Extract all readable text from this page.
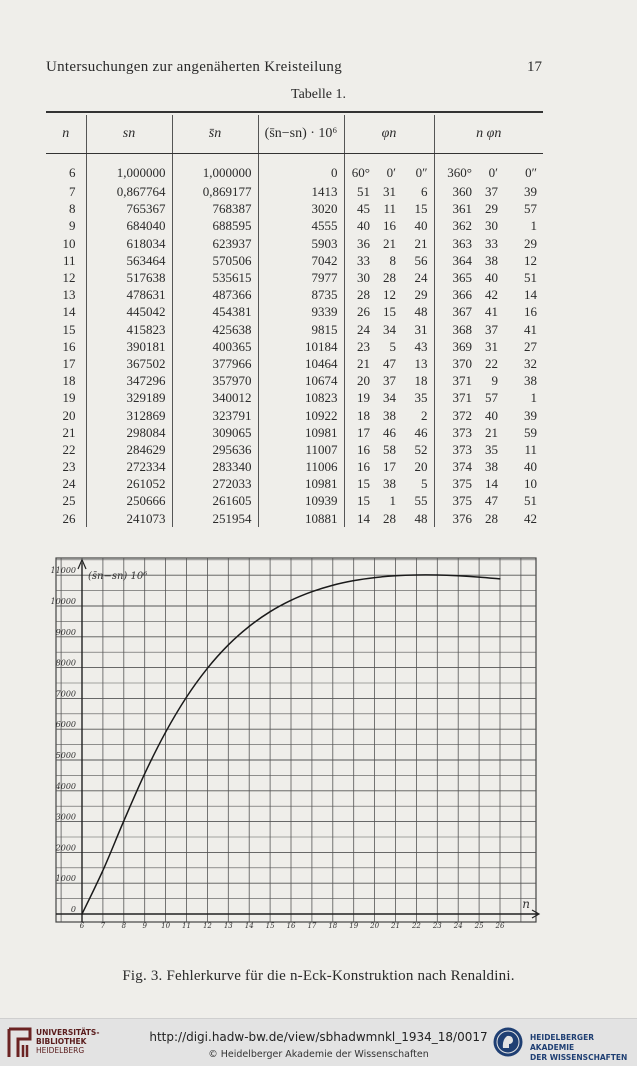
Untersuchungen zur angenäherten Kreisteilung	17
Tabelle 1.
n	sn	s̄n	(s̄n−sn) · 10⁶	φn			n φn		
6	1,000000	1,000000	0	60°	0′	0″	360°	0′	0″
7	0,867764	0,869177	1413	51	31	6	360	37	39
8	765367	768387	3020	45	11	15	361	29	57
9	684040	688595	4555	40	16	40	362	30	1
10	618034	623937	5903	36	21	21	363	33	29
11	563464	570506	7042	33	8	56	364	38	12
12	517638	535615	7977	30	28	24	365	40	51
13	478631	487366	8735	28	12	29	366	42	14
14	445042	454381	9339	26	15	48	367	41	16
15	415823	425638	9815	24	34	31	368	37	41
16	390181	400365	10184	23	5	43	369	31	27
17	367502	377966	10464	21	47	13	370	22	32
18	347296	357970	10674	20	37	18	371	9	38
19	329189	340012	10823	19	34	35	371	57	1
20	312869	323791	10922	18	38	2	372	40	39
21	298084	309065	10981	17	46	46	373	21	59
22	284629	295636	11007	16	58	52	373	35	11
23	272334	283340	11006	16	17	20	374	38	40
24	261052	272033	10981	15	38	5	375	14	10
25	250666	261605	10939	15	1	55	375	47	51
26	241073	251954	10881	14	28	48	376	28	42
0
1000
2000
3000
4000
5000
6000
7000
8000
9000
10000
11000
6 7 8 9 10 11 12 13 14 15 16 17 18 19 20 21 22 23 24 25 26
(s̄n−sn) 10⁶
n
Fig. 3. Fehlerkurve für die n-Eck-Konstruktion nach Renaldini.
UNIVERSITÄTS-
BIBLIOTHEK
HEIDELBERG
http://digi.hadw-bw.de/view/sbhadwmnkl_1934_18/0017
© Heidelberger Akademie der Wissenschaften
HEIDELBERGER AKADEMIE
DER WISSENSCHAFTEN
